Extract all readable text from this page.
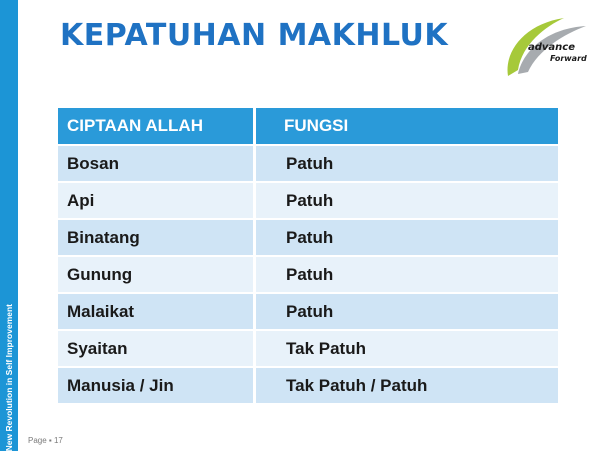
New Revolution in Self Improvement
KEPATUHAN MAKHLUK	advance
Forward
CIPTAAN ALLAH	FUNGSI
Bosan	Patuh
Api	Patuh
Binatang	Patuh
Gunung	Patuh
Malaikat	Patuh
Syaitan	Tak Patuh
Manusia / Jin	Tak Patuh / Patuh
Page ▪ 17
